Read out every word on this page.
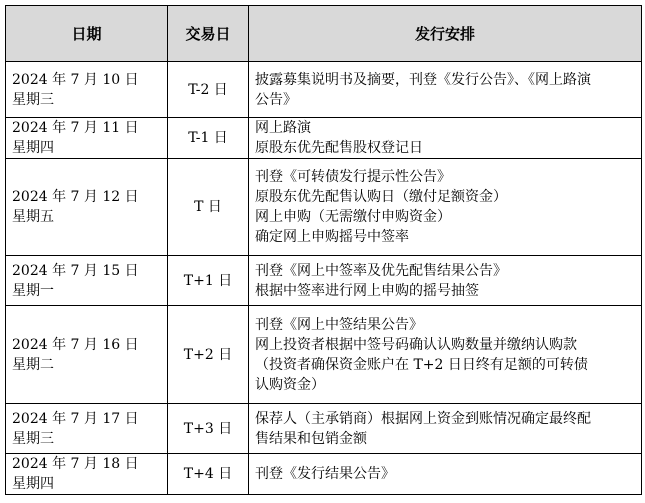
日期	交易日	发行安排

2024 年 7 月 10 日
星期三	T-2 日	披露募集说明书及摘要，刊登《发行公告》、《网上路演
公告》

2024 年 7 月 11 日
星期四	T-1 日	网上路演
原股东优先配售股权登记日

2024 年 7 月 12 日
星期五	T 日	刊登《可转债发行提示性公告》
原股东优先配售认购日（缴付足额资金）
网上申购（无需缴付申购资金）
确定网上申购摇号中签率

2024 年 7 月 15 日
星期一	T+1 日	刊登《网上中签率及优先配售结果公告》
根据中签率进行网上申购的摇号抽签

2024 年 7 月 16 日
星期二	T+2 日	刊登《网上中签结果公告》
网上投资者根据中签号码确认认购数量并缴纳认购款
（投资者确保资金账户在 T+2 日日终有足额的可转债
认购资金）

2024 年 7 月 17 日
星期三	T+3 日	保荐人（主承销商）根据网上资金到账情况确定最终配
售结果和包销金额

2024 年 7 月 18 日
星期四	T+4 日	刊登《发行结果公告》
